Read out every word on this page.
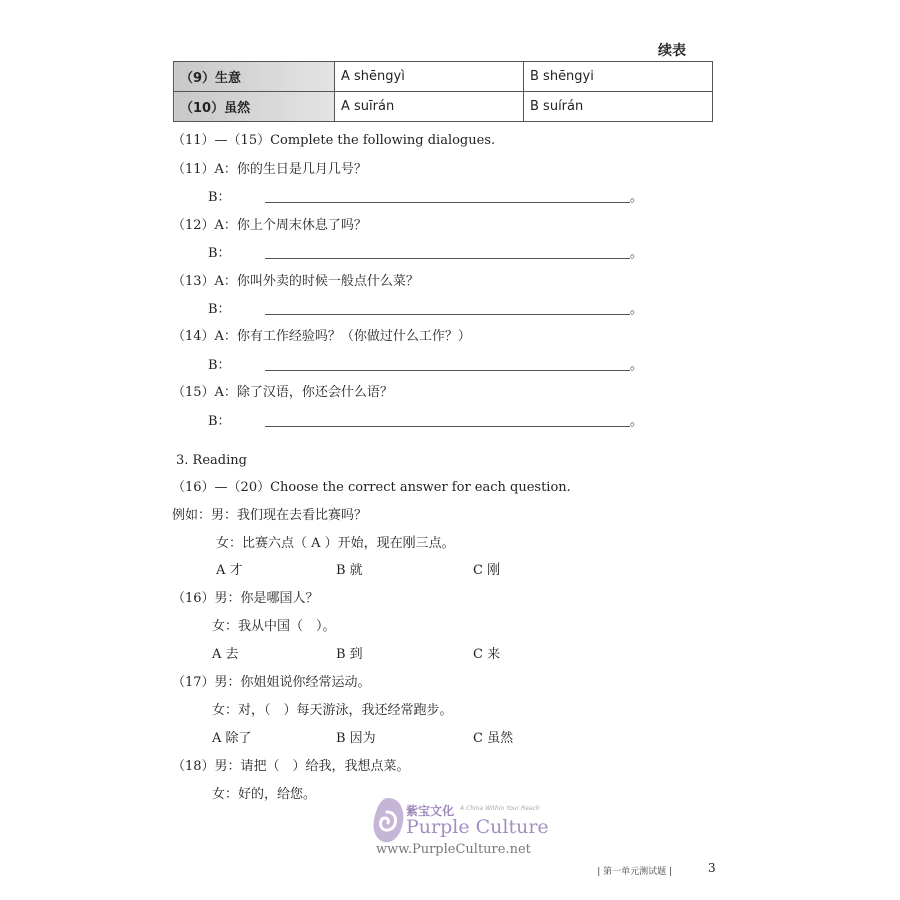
续表
（9）生意	A shēngyì	B shēngyi
（10）虽然	A suīrán	B suírán
（11）—（15）Complete the following dialogues.
（11）A：你的生日是几月几号？
B：	。
（12）A：你上个周末休息了吗？
B：	。
（13）A：你叫外卖的时候一般点什么菜？
B：	。
（14）A：你有工作经验吗？（你做过什么工作？）
B：	。
（15）A：除了汉语，你还会什么语？
B：	。
3. Reading
（16）—（20）Choose the correct answer for each question.
例如：男：我们现在去看比赛吗？
女：比赛六点（ A ）开始，现在刚三点。
A 才	B 就	C 刚
（16）男：你是哪国人？
女：我从中国（　）。
A 去	B 到	C 来
（17）男：你姐姐说你经常运动。
女：对，（　）每天游泳，我还经常跑步。
A 除了	B 因为	C 虽然
（18）男：请把（　）给我，我想点菜。
女：好的，给您。
紫宝文化 A China Within Your Reach
Purple Culture
www.PurpleCulture.net
| 第一单元测试题 |	3
